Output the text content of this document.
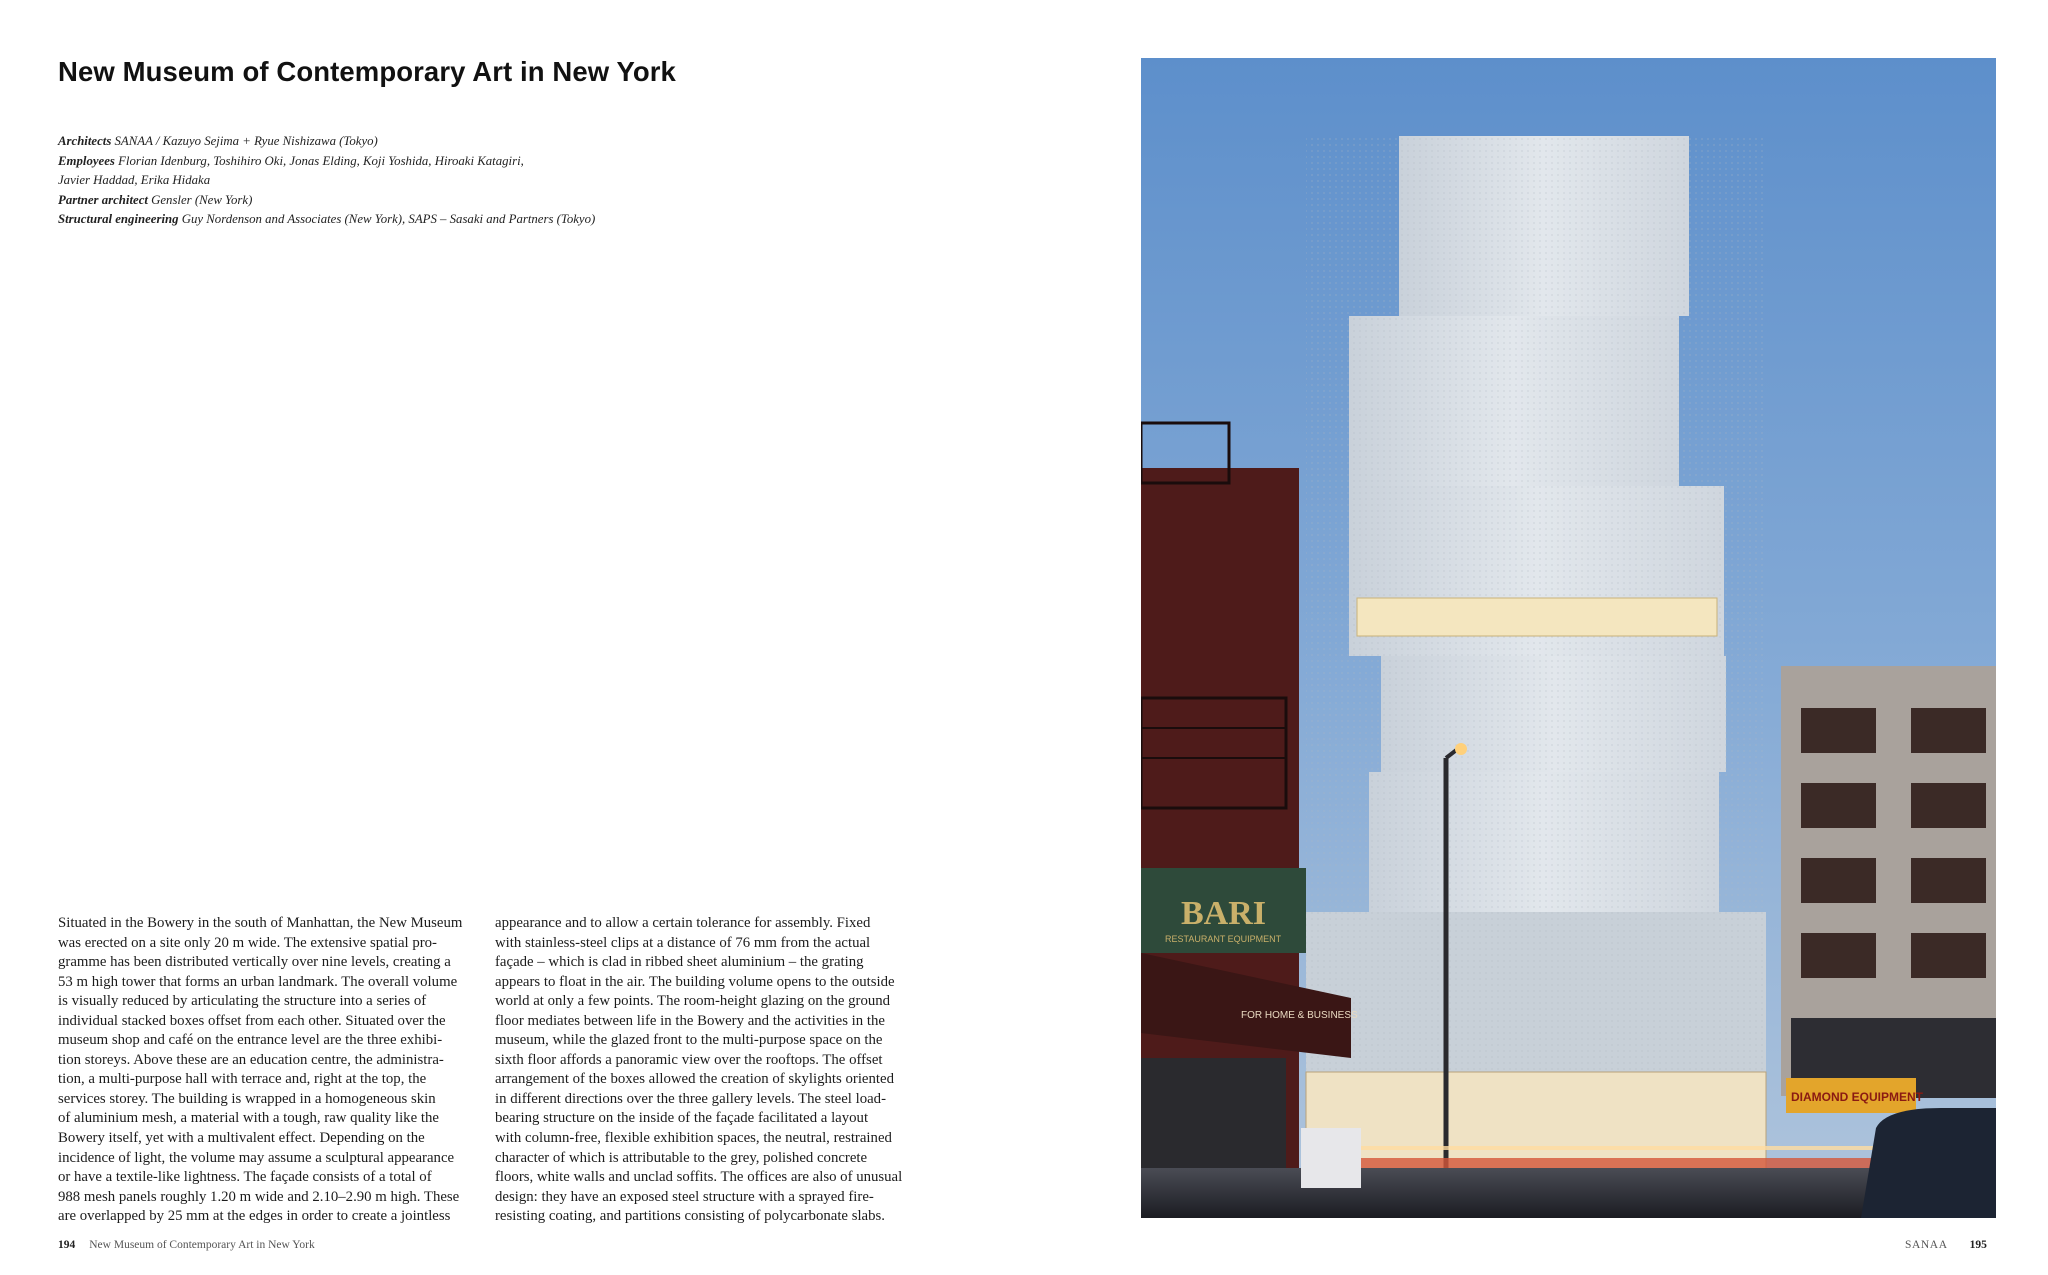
New Museum of Contemporary Art in New York
Architects SANAA / Kazuyo Sejima + Ryue Nishizawa (Tokyo)
Employees Florian Idenburg, Toshihiro Oki, Jonas Elding, Koji Yoshida, Hiroaki Katagiri,
Javier Haddad, Erika Hidaka
Partner architect Gensler (New York)
Structural engineering Guy Nordenson and Associates (New York), SAPS – Sasaki and Partners (Tokyo)
Situated in the Bowery in the south of Manhattan, the New Museum
was erected on a site only 20 m wide. The extensive spatial pro-
gramme has been distributed vertically over nine levels, creating a
53 m high tower that forms an urban landmark. The overall volume
is visually reduced by articulating the structure into a series of
individual stacked boxes offset from each other. Situated over the
museum shop and café on the entrance level are the three exhibi-
tion storeys. Above these are an education centre, the administra-
tion, a multi-purpose hall with terrace and, right at the top, the
services storey. The building is wrapped in a homogeneous skin
of aluminium mesh, a material with a tough, raw quality like the
Bowery itself, yet with a multivalent effect. Depending on the
incidence of light, the volume may assume a sculptural appearance
or have a textile-like lightness. The façade consists of a total of
988 mesh panels roughly 1.20 m wide and 2.10–2.90 m high. These
are overlapped by 25 mm at the edges in order to create a jointless
appearance and to allow a certain tolerance for assembly. Fixed
with stainless-steel clips at a distance of 76 mm from the actual
façade – which is clad in ribbed sheet aluminium – the grating
appears to float in the air. The building volume opens to the outside
world at only a few points. The room-height glazing on the ground
floor mediates between life in the Bowery and the activities in the
museum, while the glazed front to the multi-purpose space on the
sixth floor affords a panoramic view over the rooftops. The offset
arrangement of the boxes allowed the creation of skylights oriented
in different directions over the three gallery levels. The steel load-
bearing structure on the inside of the façade facilitated a layout
with column-free, flexible exhibition spaces, the neutral, restrained
character of which is attributable to the grey, polished concrete
floors, white walls and unclad soffits. The offices are also of unusual
design: they have an exposed steel structure with a sprayed fire-
resisting coating, and partitions consisting of polycarbonate slabs.
194 New Museum of Contemporary Art in New York
BARI
RESTAURANT EQUIPMENT
FOR HOME & BUSINESS
DIAMOND EQUIPMENT
SANAA 195
